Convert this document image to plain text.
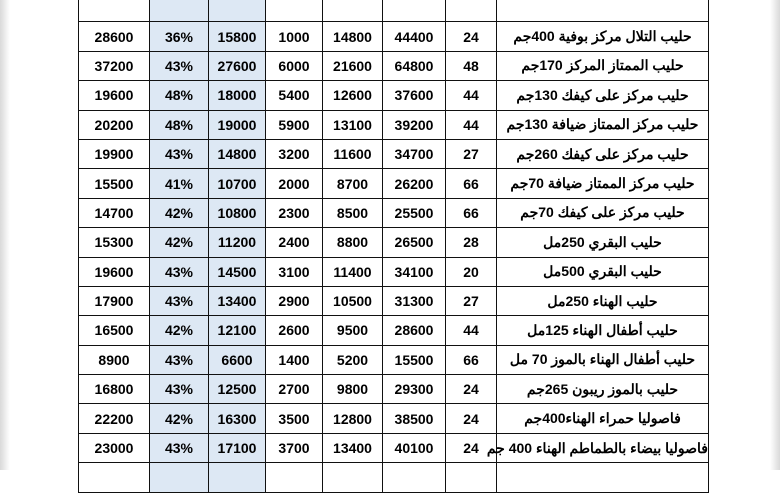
28600	36%	15800	1000	14800	44400	24	حليب التلال مركز بوفية 400جم
37200	43%	27600	6000	21600	64800	48	حليب الممتاز المركز 170جم
19600	48%	18000	5400	12600	37600	44	حليب مركز على كيفك 130جم
20200	48%	19000	5900	13100	39200	44	حليب مركز الممتاز ضيافة 130جم
19900	43%	14800	3200	11600	34700	27	حليب مركز على كيفك 260جم
15500	41%	10700	2000	8700	26200	66	حليب مركز الممتاز ضيافة 70جم
14700	42%	10800	2300	8500	25500	66	حليب مركز على كيفك 70جم
15300	42%	11200	2400	8800	26500	28	حليب البقري 250مل
19600	43%	14500	3100	11400	34100	20	حليب البقري 500مل
17900	43%	13400	2900	10500	31300	27	حليب الهناء 250مل
16500	42%	12100	2600	9500	28600	44	حليب أطفال الهناء 125مل
8900	43%	6600	1400	5200	15500	66	حليب أطفال الهناء بالموز 70 مل
16800	43%	12500	2700	9800	29300	24	حليب بالموز ريبون 265جم
22200	42%	16300	3500	12800	38500	24	فاصوليا حمراء الهناء400جم
23000	43%	17100	3700	13400	40100	24	فاصوليا بيضاء بالطماطم الهناء 400 جم
